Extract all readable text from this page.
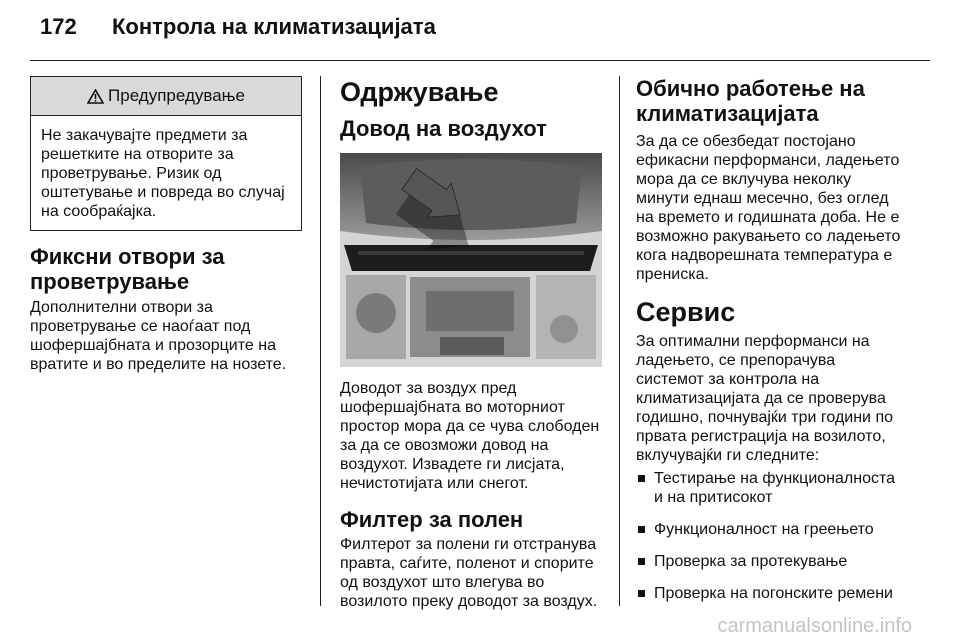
172 Контрола на климатизацијата
Предупредување
Не закачувајте предмети за решетките на отворите за проветрување. Ризик од оштетување и повреда во случај на сообраќајка.
Фиксни отвори за проветрување

Дополнителни отвори за проветрување се наоѓаат под шофершајбната и прозорците на вратите и во пределите на нозете.

Одржување
Довод на воздухот

Доводот за воздух пред шофершајбната во моторниот простор мора да се чува слободен за да се овозможи довод на воздухот. Извадете ги лисјата, нечистотијата или снегот.

Филтер за полен

Филтерот за полени ги отстранува правта, саѓите, поленот и спорите од воздухот што влегува во возилото преку доводот за воздух.

Обично работење на климатизацијата

За да се обезбедат постојано ефикасни перформанси, ладењето мора да се вклучува неколку минути еднаш месечно, без оглед на времето и годишната доба. Не е возможно ракувањето со ладењето кога надворешната температура е прениска.

Сервис

За оптимални перформанси на ладењето, се препорачува системот за контрола на климатизацијата да се проверува годишно, почнувајќи три години по првата регистрација на возилото, вклучувајќи ги следните:

Тестирање на функционалноста и на притисокот
Функционалност на греењето
Проверка за протекување
Проверка на погонските ремени
carmanualsonline.info
